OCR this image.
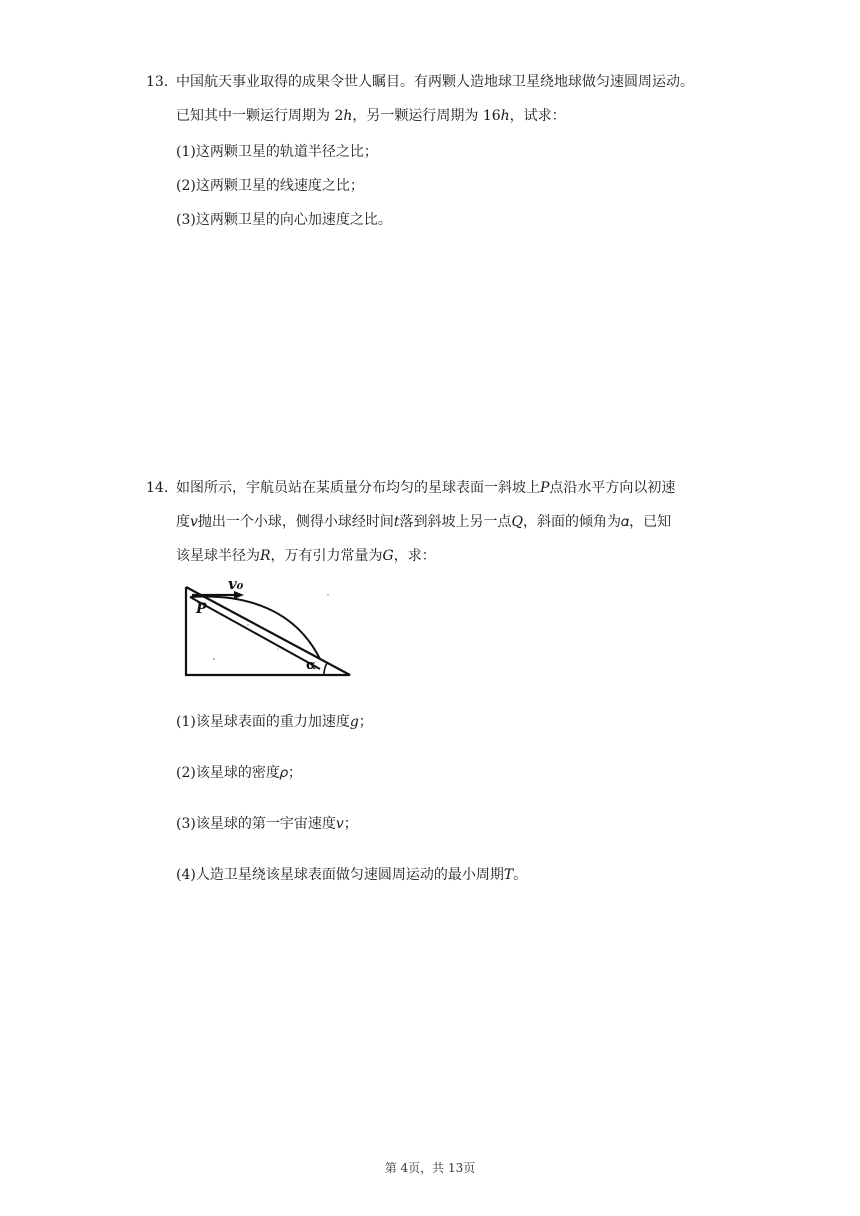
13. 中国航天事业取得的成果令世人瞩目。有两颗人造地球卫星绕地球做匀速圆周运动。
已知其中一颗运行周期为 2ℎ，另一颗运行周期为 16ℎ，试求：
(1)这两颗卫星的轨道半径之比；
(2)这两颗卫星的线速度之比；
(3)这两颗卫星的向心加速度之比。
14. 如图所示，宇航员站在某质量分布均匀的星球表面一斜坡上𝑃点沿水平方向以初速
度𝑣抛出一个小球，侧得小球经时间𝑡落到斜坡上另一点𝑄，斜面的倾角为𝛼，已知
该星球半径为𝑅，万有引力常量为𝐺，求：
v₀
P
α
(1)该星球表面的重力加速度𝑔；
(2)该星球的密度𝜌；
(3)该星球的第一宇宙速度𝑣；
(4)人造卫星绕该星球表面做匀速圆周运动的最小周期𝑇。
第 4页，共 13页
